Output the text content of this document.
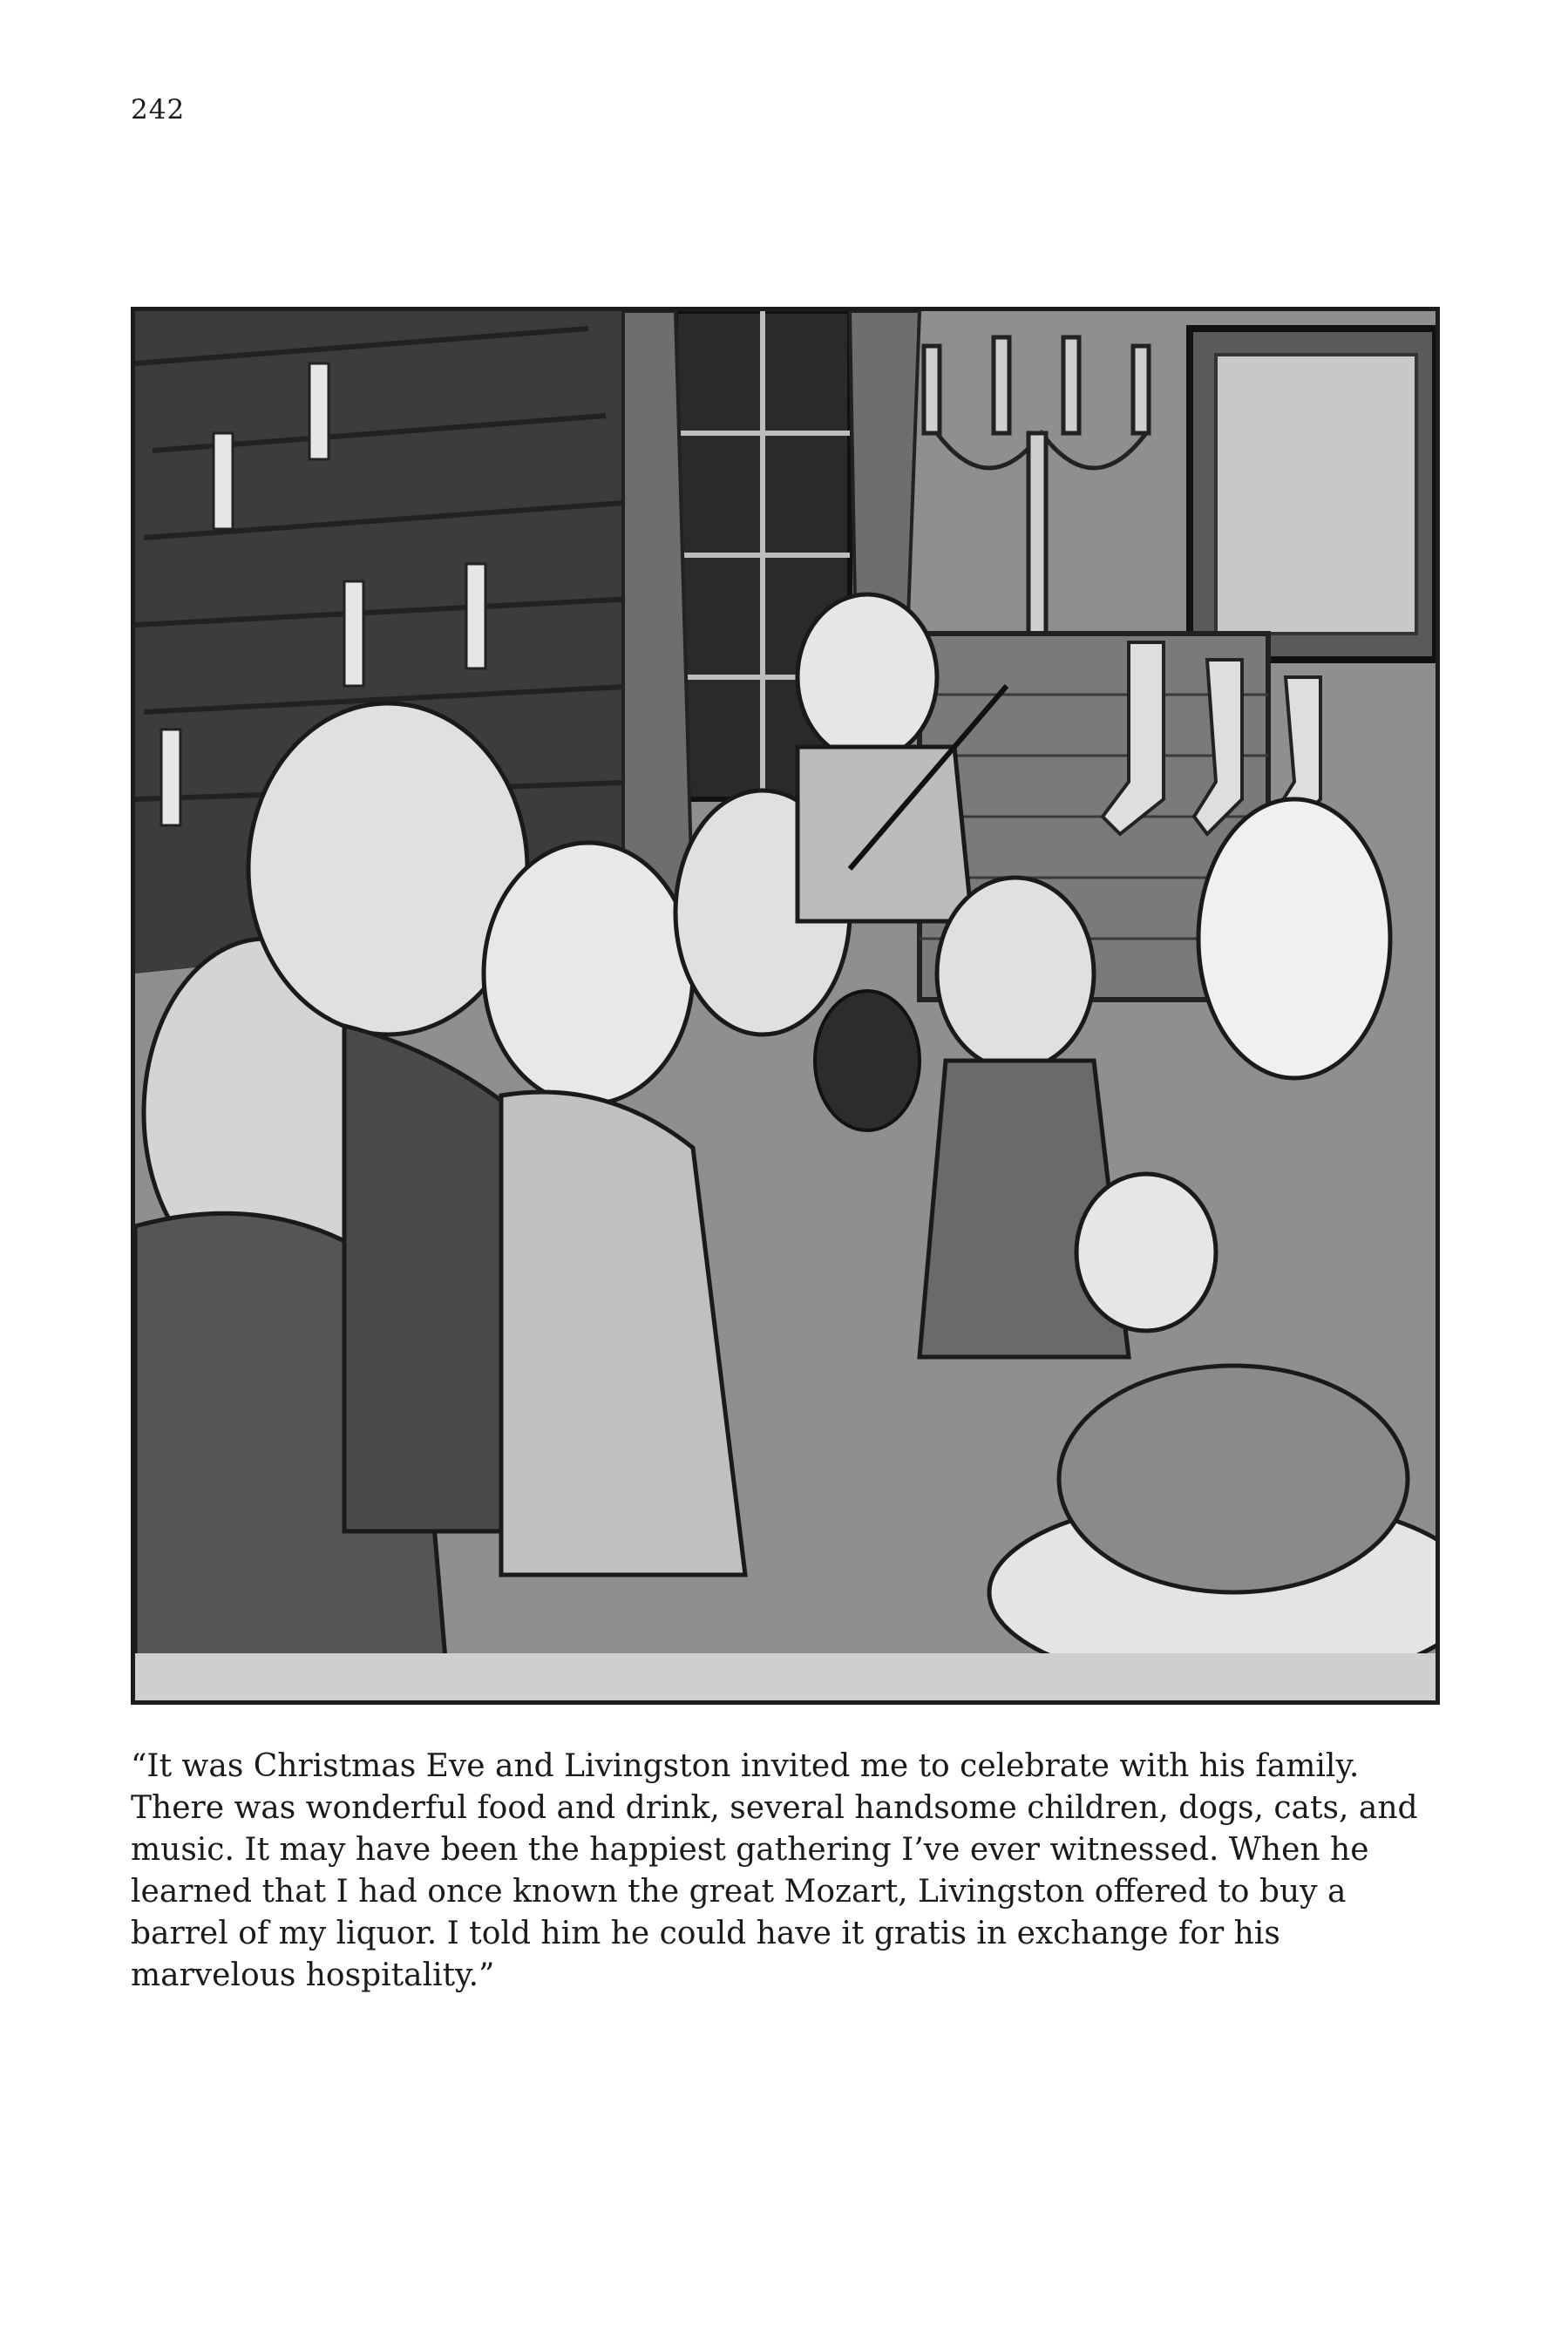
242

“It was Christmas Eve and Livingston invited me to celebrate with his family. There was wonderful food and drink, several handsome children, dogs, cats, and music. It may have been the happiest gathering I’ve ever witnessed. When he learned that I had once known the great Mozart, Livingston offered to buy a barrel of my liquor. I told him he could have it gratis in exchange for his marvelous hospitality.”
